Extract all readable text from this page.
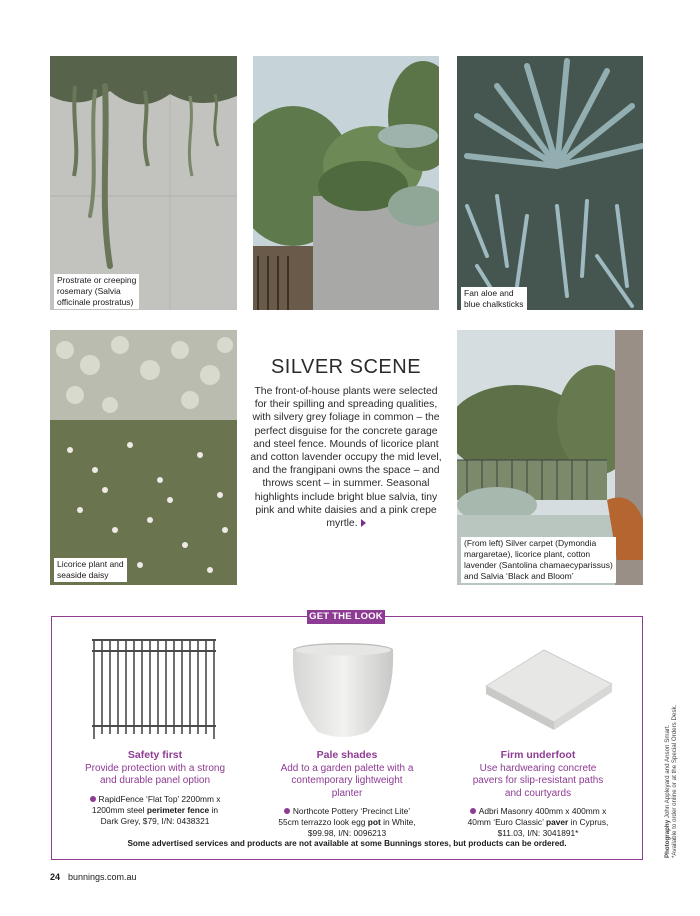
Prostrate or creeping
rosemary (Salvia
officinale prostratus)
Fan aloe and
blue chalksticks
SILVER SCENE
The front-of-house plants were selected for their spilling and spreading qualities, with silvery grey foliage in common – the perfect disguise for the concrete garage and steel fence. Mounds of licorice plant and cotton lavender occupy the mid level, and the frangipani owns the space – and throws scent – in summer. Seasonal highlights include bright blue salvia, tiny pink and white daisies and a pink crepe myrtle.
Licorice plant and
seaside daisy
(From left) Silver carpet (Dymondia
margaretae), licorice plant, cotton
lavender (Santolina chamaecyparissus)
and Salvia ‘Black and Bloom’
GET THE LOOK
Safety first
Provide protection with a strong and durable panel option
RapidFence ‘Flat Top’ 2200mm x 1200mm steel perimeter fence in Dark Grey, $79, I/N: 0438321
Pale shades
Add to a garden palette with a contemporary lightweight planter
Northcote Pottery ‘Precinct Lite’ 55cm terrazzo look egg pot in White, $99.98, I/N: 0096213
Firm underfoot
Use hardwearing concrete pavers for slip-resistant paths and courtyards
Adbri Masonry 400mm x 400mm x 40mm ‘Euro Classic’ paver in Cyprus, $11.03, I/N: 3041891*
Some advertised services and products are not available at some Bunnings stores, but products can be ordered.
24 bunnings.com.au
Photography John Appleyard and Anson Smart.
*Available to order online or at the Special Orders Desk.
